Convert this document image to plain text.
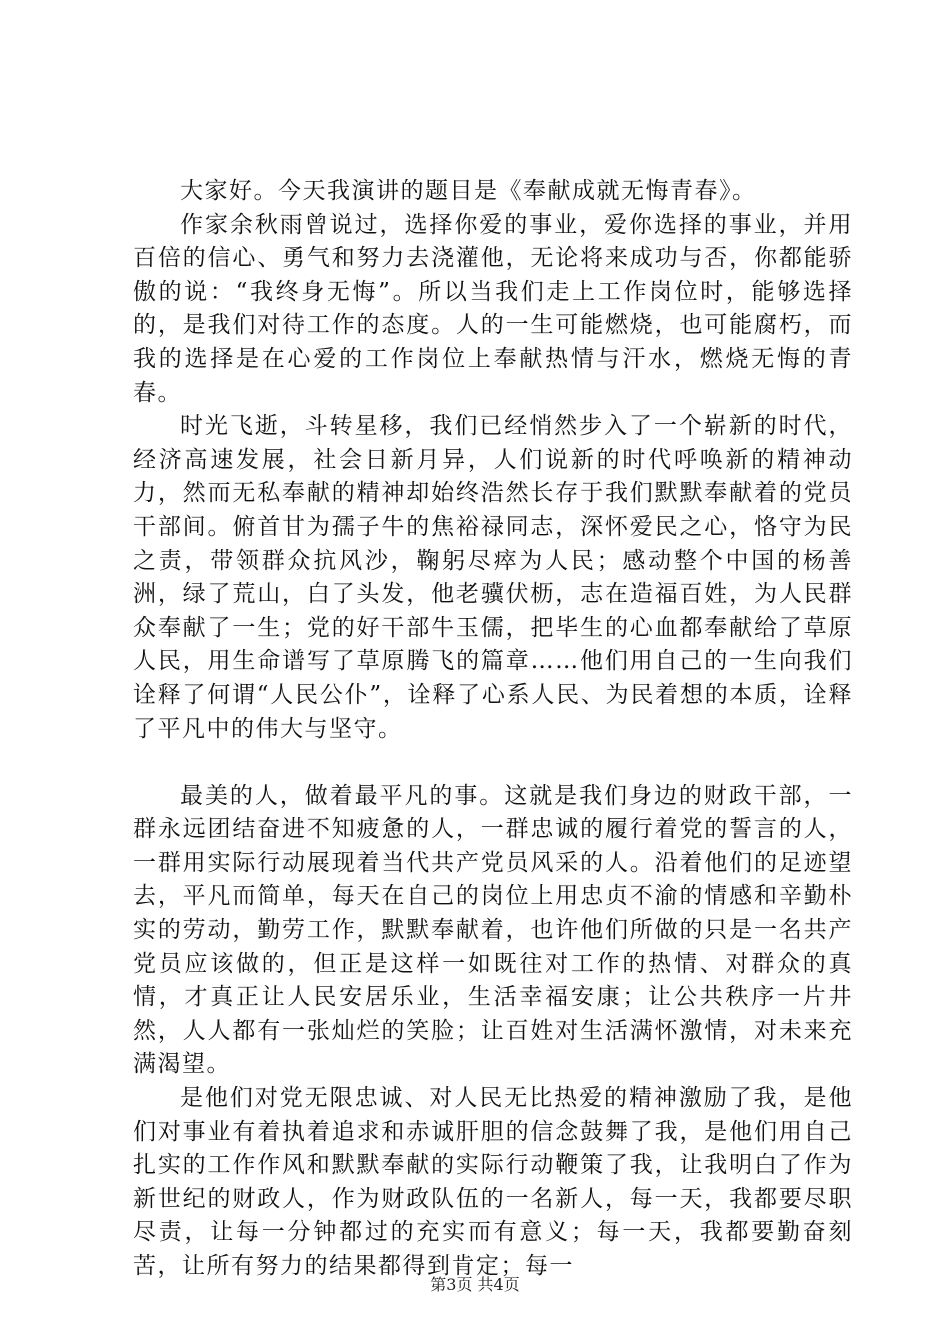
大家好。今天我演讲的题目是《奉献成就无悔青春》。

作家余秋雨曾说过，选择你爱的事业，爱你选择的事业，并用百倍的信心、勇气和努力去浇灌他，无论将来成功与否，你都能骄傲的说：“我终身无悔”。所以当我们走上工作岗位时，能够选择的，是我们对待工作的态度。人的一生可能燃烧，也可能腐朽，而我的选择是在心爱的工作岗位上奉献热情与汗水，燃烧无悔的青春。

时光飞逝，斗转星移，我们已经悄然步入了一个崭新的时代，经济高速发展，社会日新月异，人们说新的时代呼唤新的精神动力，然而无私奉献的精神却始终浩然长存于我们默默奉献着的党员干部间。俯首甘为孺子牛的焦裕禄同志，深怀爱民之心，恪守为民之责，带领群众抗风沙，鞠躬尽瘁为人民；感动整个中国的杨善洲，绿了荒山，白了头发，他老骥伏枥，志在造福百姓，为人民群众奉献了一生；党的好干部牛玉儒，把毕生的心血都奉献给了草原人民，用生命谱写了草原腾飞的篇章……他们用自己的一生向我们诠释了何谓“人民公仆”，诠释了心系人民、为民着想的本质，诠释了平凡中的伟大与坚守。

最美的人，做着最平凡的事。这就是我们身边的财政干部，一群永远团结奋进不知疲惫的人，一群忠诚的履行着党的誓言的人，一群用实际行动展现着当代共产党员风采的人。沿着他们的足迹望去，平凡而简单，每天在自己的岗位上用忠贞不渝的情感和辛勤朴实的劳动，勤劳工作，默默奉献着，也许他们所做的只是一名共产党员应该做的，但正是这样一如既往对工作的热情、对群众的真情，才真正让人民安居乐业，生活幸福安康；让公共秩序一片井然，人人都有一张灿烂的笑脸；让百姓对生活满怀激情，对未来充满渴望。

是他们对党无限忠诚、对人民无比热爱的精神激励了我，是他们对事业有着执着追求和赤诚肝胆的信念鼓舞了我，是他们用自己扎实的工作作风和默默奉献的实际行动鞭策了我，让我明白了作为新世纪的财政人，作为财政队伍的一名新人，每一天，我都要尽职尽责，让每一分钟都过的充实而有意义；每一天，我都要勤奋刻苦，让所有努力的结果都得到肯定；每一

第3页 共4页
